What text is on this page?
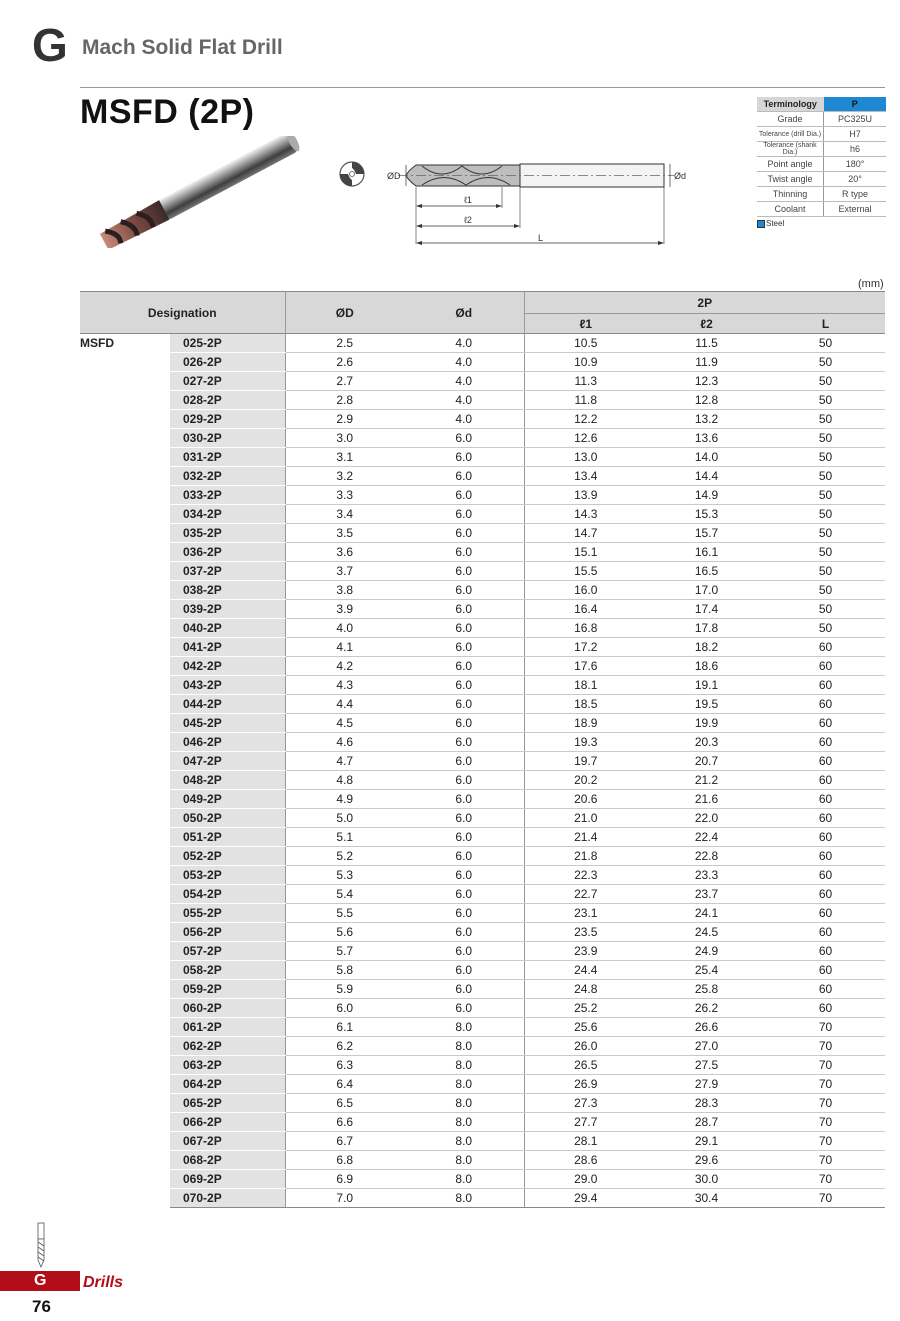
G Mach Solid Flat Drill
MSFD (2P)
ØD	Ød
ℓ1
ℓ2
L
Terminology	P
Grade	PC325U
Tolerance (drill Dia.)	H7
Tolerance (shank Dia.)	h6
Point angle	180°
Twist angle	20°
Thinning	R type
Coolant	External
Steel
(mm)
Designation		ØD	Ød	2P		
				ℓ1	ℓ2	L
MSFD	025-2P	2.5	4.0	10.5	11.5	50
	026-2P	2.6	4.0	10.9	11.9	50
	027-2P	2.7	4.0	11.3	12.3	50
	028-2P	2.8	4.0	11.8	12.8	50
	029-2P	2.9	4.0	12.2	13.2	50
	030-2P	3.0	6.0	12.6	13.6	50
	031-2P	3.1	6.0	13.0	14.0	50
	032-2P	3.2	6.0	13.4	14.4	50
	033-2P	3.3	6.0	13.9	14.9	50
	034-2P	3.4	6.0	14.3	15.3	50
	035-2P	3.5	6.0	14.7	15.7	50
	036-2P	3.6	6.0	15.1	16.1	50
	037-2P	3.7	6.0	15.5	16.5	50
	038-2P	3.8	6.0	16.0	17.0	50
	039-2P	3.9	6.0	16.4	17.4	50
	040-2P	4.0	6.0	16.8	17.8	50
	041-2P	4.1	6.0	17.2	18.2	60
	042-2P	4.2	6.0	17.6	18.6	60
	043-2P	4.3	6.0	18.1	19.1	60
	044-2P	4.4	6.0	18.5	19.5	60
	045-2P	4.5	6.0	18.9	19.9	60
	046-2P	4.6	6.0	19.3	20.3	60
	047-2P	4.7	6.0	19.7	20.7	60
	048-2P	4.8	6.0	20.2	21.2	60
	049-2P	4.9	6.0	20.6	21.6	60
	050-2P	5.0	6.0	21.0	22.0	60
	051-2P	5.1	6.0	21.4	22.4	60
	052-2P	5.2	6.0	21.8	22.8	60
	053-2P	5.3	6.0	22.3	23.3	60
	054-2P	5.4	6.0	22.7	23.7	60
	055-2P	5.5	6.0	23.1	24.1	60
	056-2P	5.6	6.0	23.5	24.5	60
	057-2P	5.7	6.0	23.9	24.9	60
	058-2P	5.8	6.0	24.4	25.4	60
	059-2P	5.9	6.0	24.8	25.8	60
	060-2P	6.0	6.0	25.2	26.2	60
	061-2P	6.1	8.0	25.6	26.6	70
	062-2P	6.2	8.0	26.0	27.0	70
	063-2P	6.3	8.0	26.5	27.5	70
	064-2P	6.4	8.0	26.9	27.9	70
	065-2P	6.5	8.0	27.3	28.3	70
	066-2P	6.6	8.0	27.7	28.7	70
	067-2P	6.7	8.0	28.1	29.1	70
	068-2P	6.8	8.0	28.6	29.6	70
	069-2P	6.9	8.0	29.0	30.0	70
	070-2P	7.0	8.0	29.4	30.4	70
G Drills
76
